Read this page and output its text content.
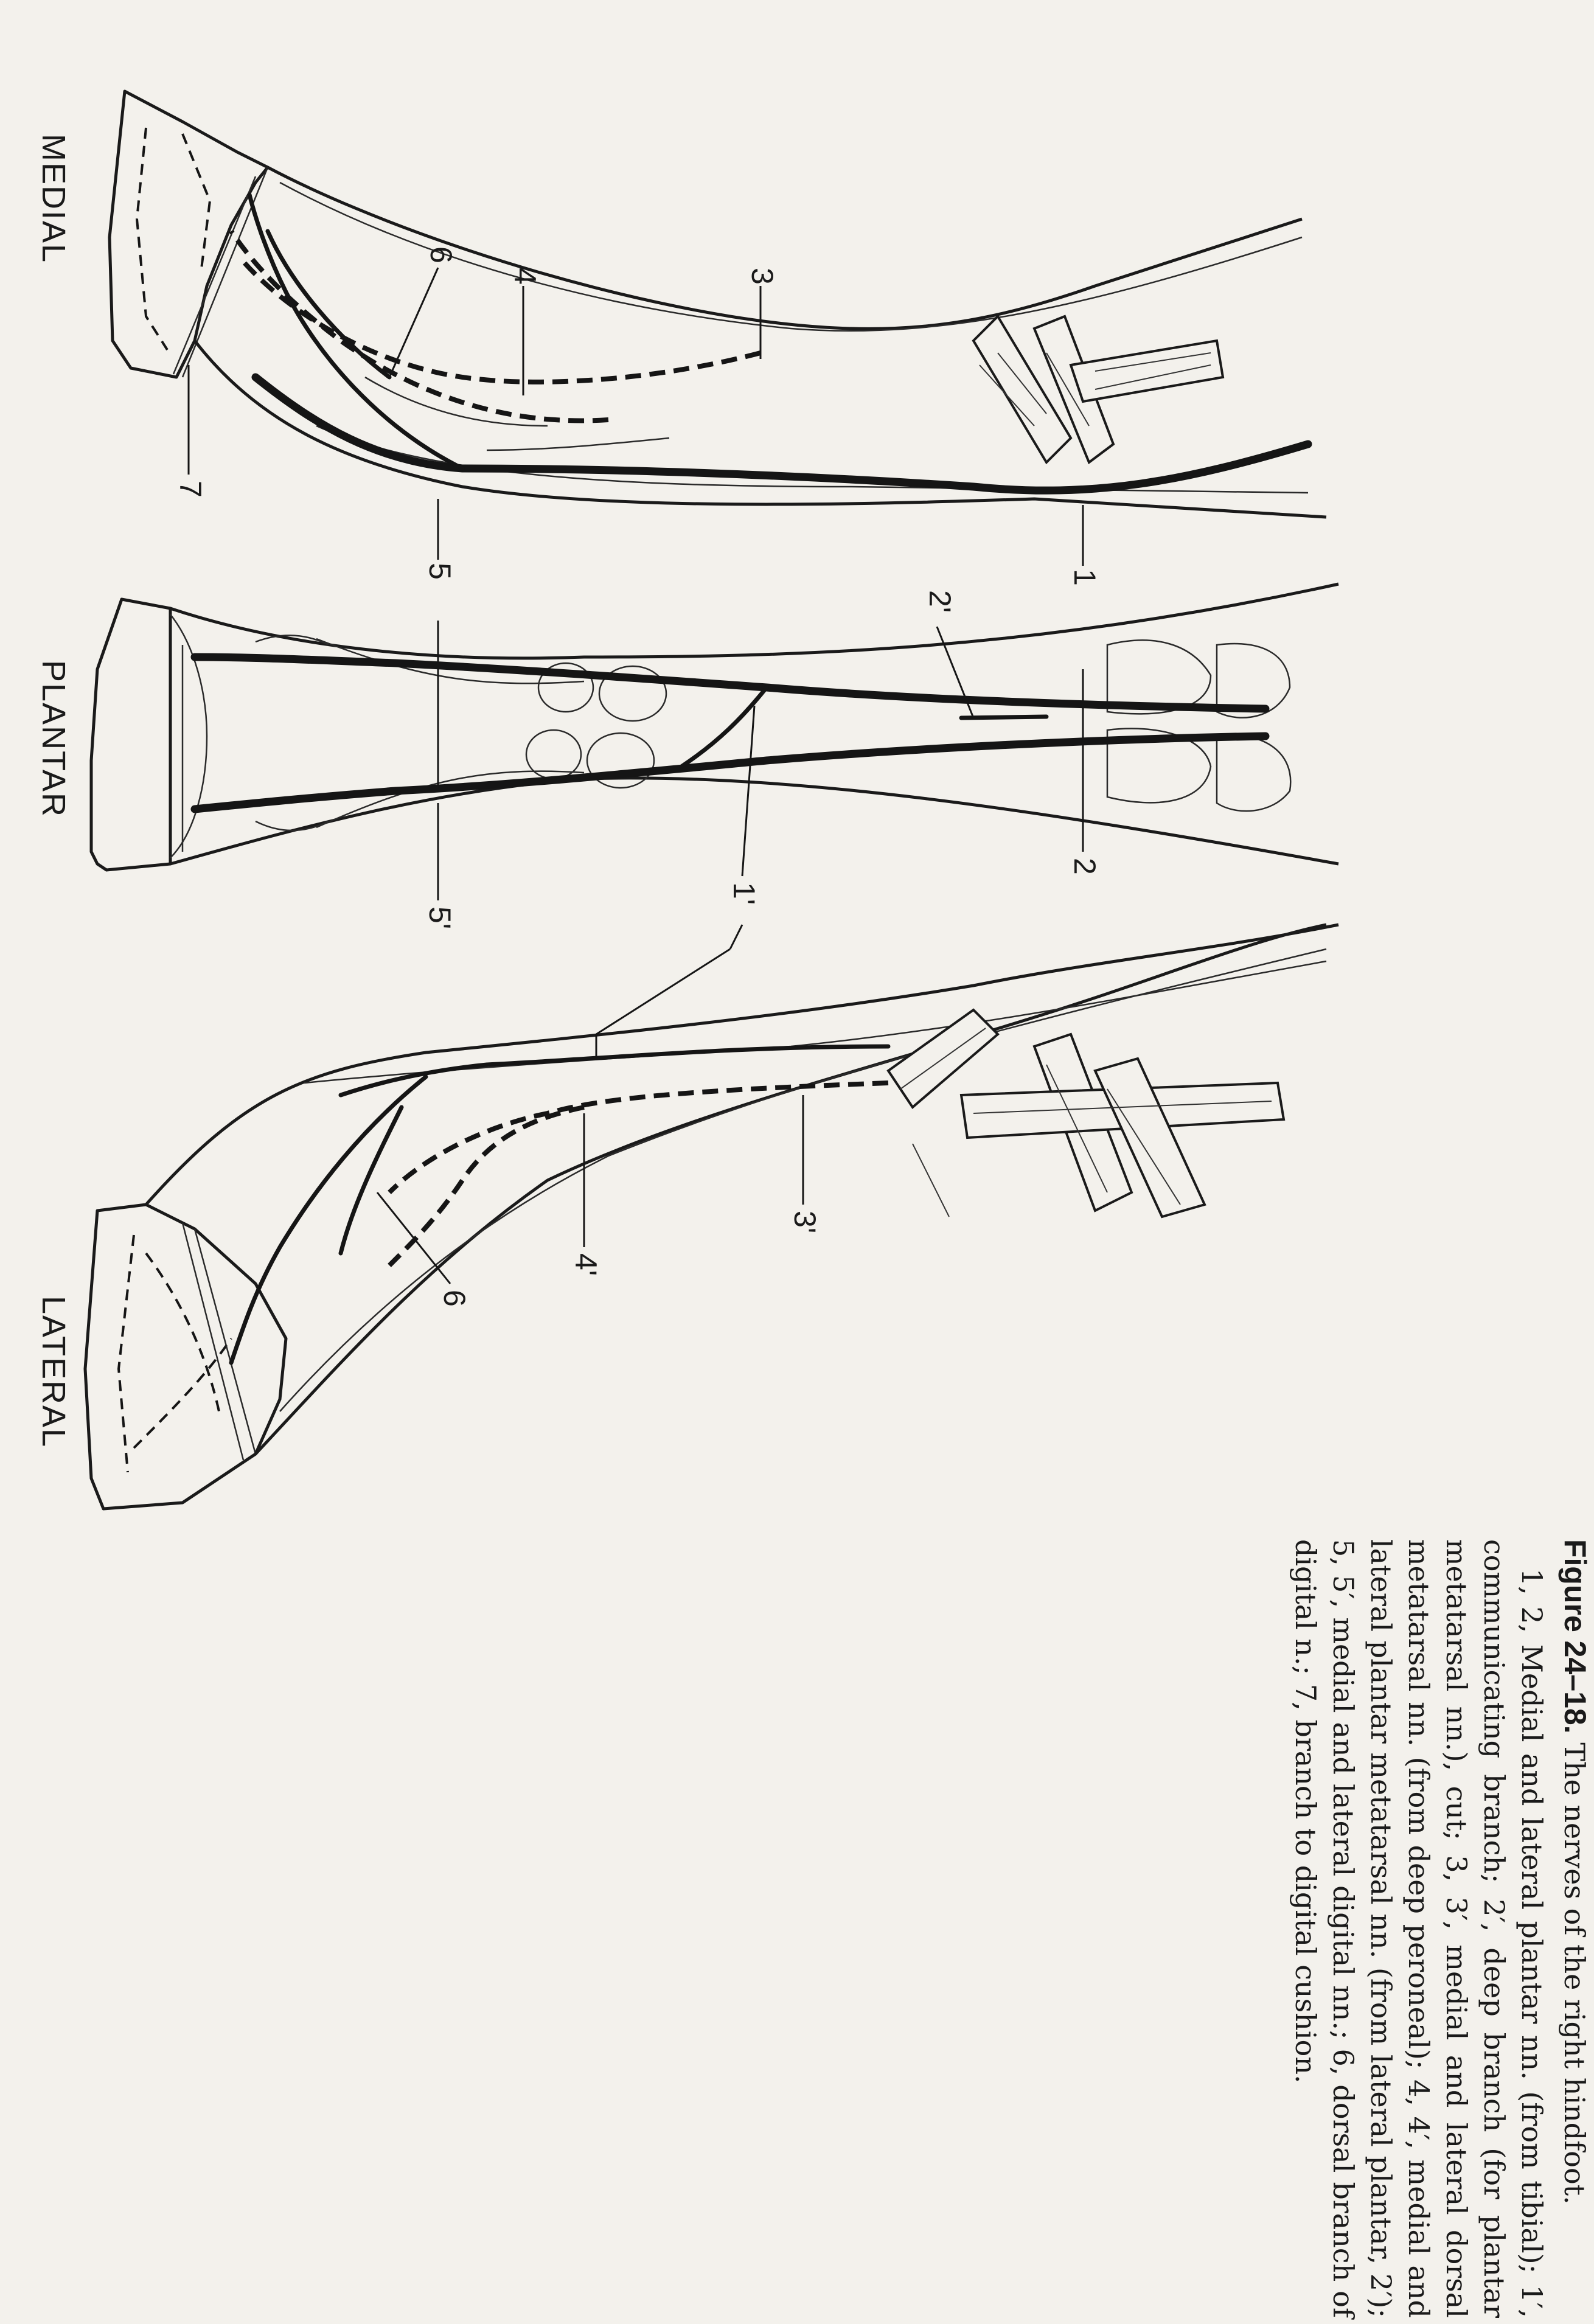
3
4
6
7
1
2'
2
1'
5
5'
3'
4'
6
MEDIAL
PLANTAR
LATERAL

Figure 24–18. The nerves of the right hindfoot.

1, 2, Medial and lateral plantar nn. (from tibial); 1′, communicating branch; 2′, deep branch (for plantar metatarsal nn.), cut; 3, 3′, medial and lateral dorsal metatarsal nn. (from deep peroneal); 4, 4′, medial and lateral plantar metatarsal nn. (from lateral plantar, 2′); 5, 5′, medial and lateral digital nn.; 6, dorsal branch of digital n.; 7, branch to digital cushion.
